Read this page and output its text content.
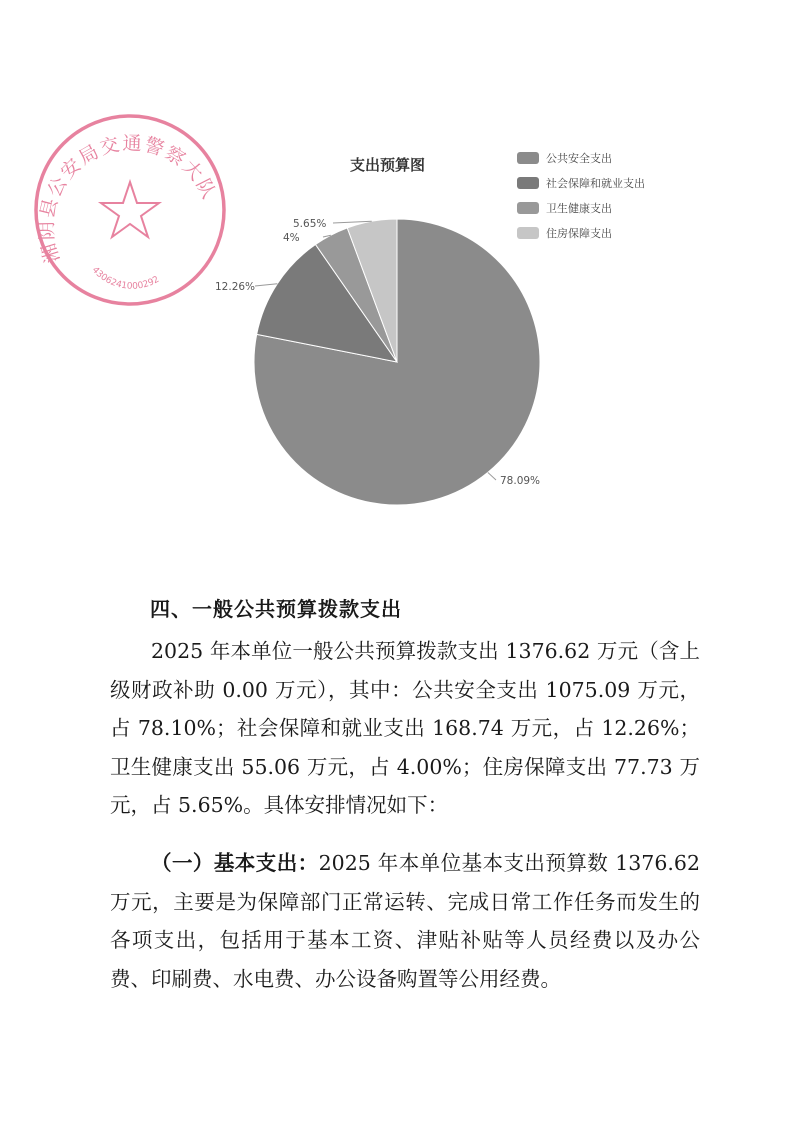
湘阴县公安局交通警察大队
4306241000292
支出预算图
78.09%
12.26%
4%
5.65%
公共安全支出
社会保障和就业支出
卫生健康支出
住房保障支出
四、一般公共预算拨款支出

2025 年本单位一般公共预算拨款支出 1376.62 万元（含上级财政补助 0.00 万元），其中：公共安全支出 1075.09 万元，占 78.10%；社会保障和就业支出 168.74 万元，占 12.26%；卫生健康支出 55.06 万元，占 4.00%；住房保障支出 77.73 万元，占 5.65%。具体安排情况如下：

（一）基本支出：2025 年本单位基本支出预算数 1376.62 万元，主要是为保障部门正常运转、完成日常工作任务而发生的各项支出，包括用于基本工资、津贴补贴等人员经费以及办公费、印刷费、水电费、办公设备购置等公用经费。
